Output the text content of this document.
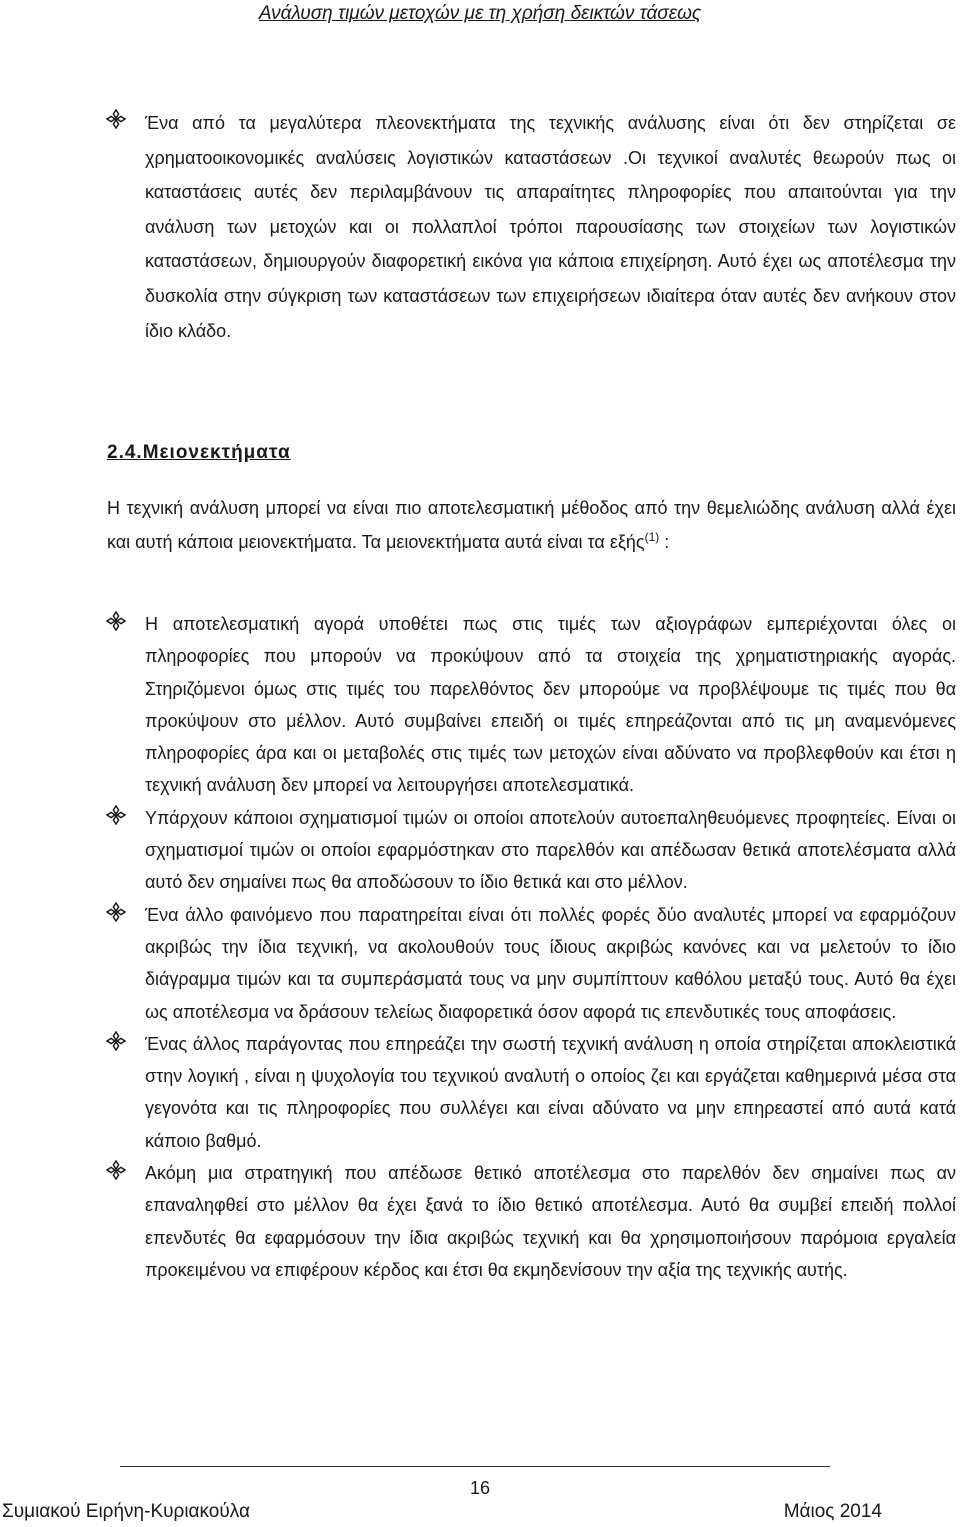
Ανάλυση τιμών μετοχών με τη χρήση δεικτών τάσεως
Ένα από τα μεγαλύτερα πλεονεκτήματα της τεχνικής ανάλυσης είναι ότι δεν στηρίζεται σε χρηματοοικονομικές αναλύσεις λογιστικών καταστάσεων .Οι τεχνικοί αναλυτές θεωρούν πως οι καταστάσεις αυτές δεν περιλαμβάνουν τις απαραίτητες πληροφορίες που απαιτούνται για την ανάλυση των μετοχών και οι πολλαπλοί τρόποι παρουσίασης των στοιχείων των λογιστικών καταστάσεων, δημιουργούν διαφορετική εικόνα για κάποια επιχείρηση. Αυτό έχει ως αποτέλεσμα την δυσκολία στην σύγκριση των καταστάσεων των επιχειρήσεων ιδιαίτερα όταν αυτές δεν ανήκουν στον ίδιο κλάδο.
2.4.Μειονεκτήματα
Η τεχνική ανάλυση μπορεί να είναι πιο αποτελεσματική μέθοδος από την θεμελιώδης ανάλυση αλλά έχει και αυτή κάποια μειονεκτήματα. Τα μειονεκτήματα αυτά είναι τα εξής$^{(1)}$ :
Η αποτελεσματική αγορά υποθέτει πως στις τιμές των αξιογράφων εμπεριέχονται όλες οι πληροφορίες που μπορούν να προκύψουν από τα στοιχεία της χρηματιστηριακής αγοράς. Στηριζόμενοι όμως στις τιμές του παρελθόντος δεν μπορούμε να προβλέψουμε τις τιμές που θα προκύψουν στο μέλλον. Αυτό συμβαίνει επειδή οι τιμές επηρεάζονται από τις μη αναμενόμενες πληροφορίες άρα και οι μεταβολές στις τιμές των μετοχών είναι αδύνατο να προβλεφθούν και έτσι η τεχνική ανάλυση δεν μπορεί να λειτουργήσει αποτελεσματικά.
Υπάρχουν κάποιοι σχηματισμοί τιμών οι οποίοι αποτελούν αυτοεπαληθευόμενες προφητείες. Είναι οι σχηματισμοί τιμών οι οποίοι εφαρμόστηκαν στο παρελθόν και απέδωσαν θετικά αποτελέσματα αλλά αυτό δεν σημαίνει πως θα αποδώσουν το ίδιο θετικά και στο μέλλον.
Ένα άλλο φαινόμενο που παρατηρείται είναι ότι πολλές φορές δύο αναλυτές μπορεί να εφαρμόζουν ακριβώς την ίδια τεχνική, να ακολουθούν τους ίδιους ακριβώς κανόνες και να μελετούν το ίδιο διάγραμμα τιμών και τα συμπεράσματά τους να μην συμπίπτουν καθόλου μεταξύ τους. Αυτό θα έχει ως αποτέλεσμα να δράσουν τελείως διαφορετικά όσον αφορά τις επενδυτικές τους αποφάσεις.
Ένας άλλος παράγοντας που επηρεάζει την σωστή τεχνική ανάλυση η οποία στηρίζεται αποκλειστικά στην λογική , είναι η ψυχολογία του τεχνικού αναλυτή ο οποίος ζει και εργάζεται καθημερινά μέσα στα γεγονότα και τις πληροφορίες που συλλέγει και είναι αδύνατο να μην επηρεαστεί από αυτά κατά κάποιο βαθμό.
Ακόμη μια στρατηγική που απέδωσε θετικό αποτέλεσμα στο παρελθόν δεν σημαίνει πως αν επαναληφθεί στο μέλλον θα έχει ξανά το ίδιο θετικό αποτέλεσμα. Αυτό θα συμβεί επειδή πολλοί επενδυτές θα εφαρμόσουν την ίδια ακριβώς τεχνική και θα χρησιμοποιήσουν παρόμοια εργαλεία προκειμένου να επιφέρουν κέρδος και έτσι θα εκμηδενίσουν την αξία της τεχνικής αυτής.
16
Συμιακού Ειρήνη-Κυριακούλα	Μάιος 2014
